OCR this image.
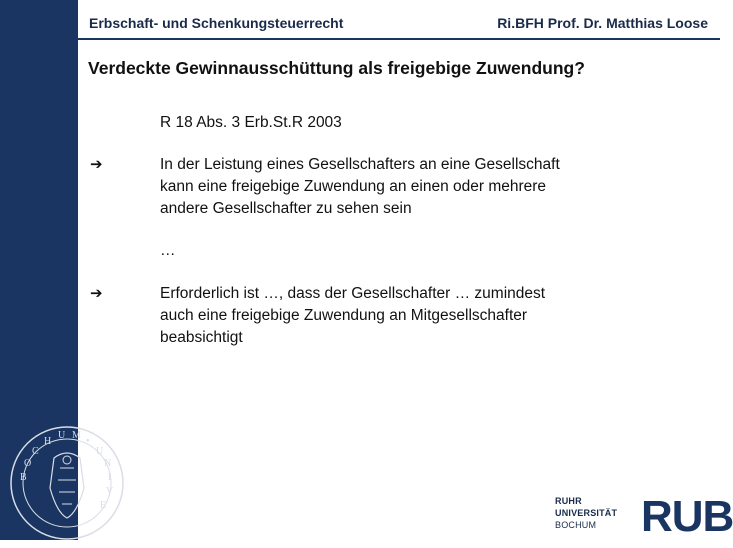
Erbschaft- und Schenkungsteuerrecht	Ri.BFH Prof. Dr. Matthias Loose
Verdeckte Gewinnausschüttung als freigebige Zuwendung?
R 18 Abs. 3 Erb.St.R 2003
➔	In der Leistung eines Gesellschafters an eine Gesellschaft
kann eine freigebige Zuwendung an einen oder mehrere
andere Gesellschafter zu sehen sein
…
➔	Erforderlich ist …, dass der Gesellschafter … zumindest
auch eine freigebige Zuwendung an Mitgesellschafter
beabsichtigt
B
O
C
H
U M
•
U
N
I
V
E	RUHR
UNIVERSITÄT
BOCHUM RUB
